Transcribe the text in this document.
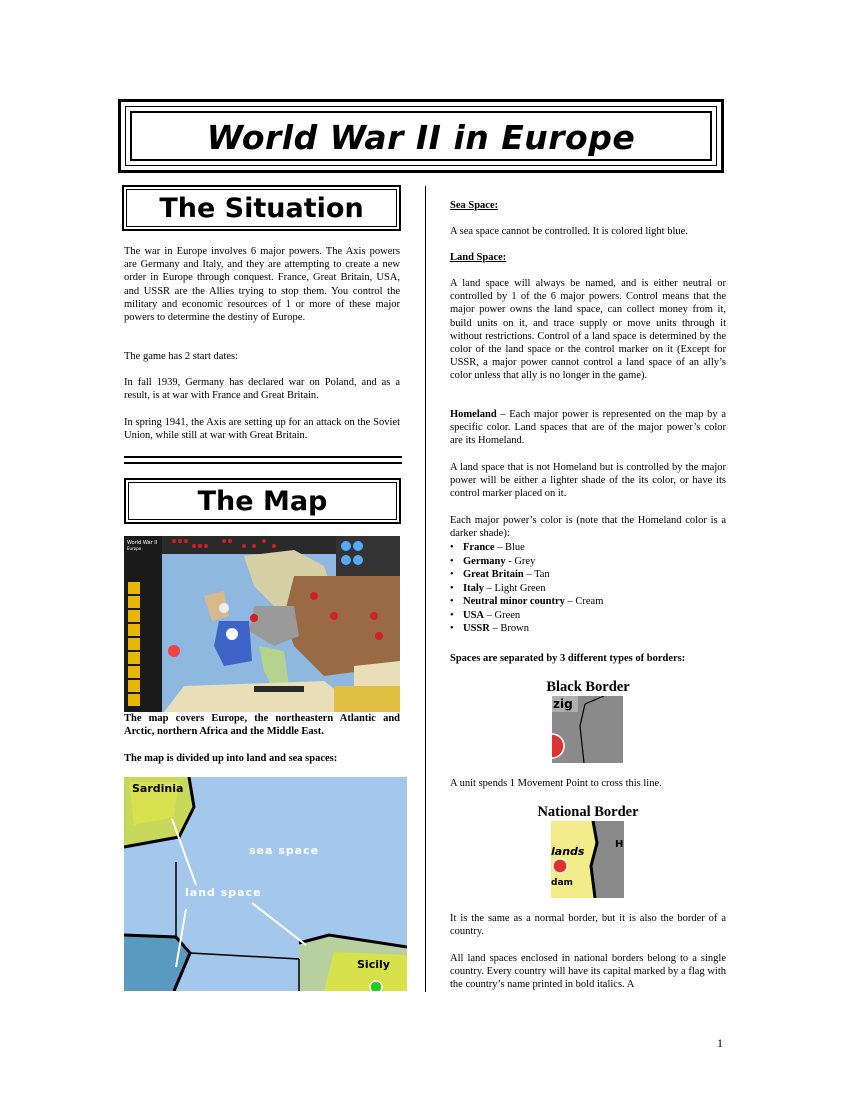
World War II in Europe
The Situation

The war in Europe involves 6 major powers. The Axis powers are Germany and Italy, and they are attempting to create a new order in Europe through conquest. France, Great Britain, USA, and USSR are the Allies trying to stop them. You control the military and economic resources of 1 or more of these major powers to determine the destiny of Europe.

The game has 2 start dates:

In fall 1939, Germany has declared war on Poland, and as a result, is at war with France and Great Britain.

In spring 1941, the Axis are setting up for an attack on the Soviet Union, while still at war with Great Britain.

The Map
World War II
Europe

The map covers Europe, the northeastern Atlantic and Arctic, northern Africa and the Middle East.

The map is divided up into land and sea spaces:

Sardinia
sea space
land space
Sicily

Sea Space:

A sea space cannot be controlled. It is colored light blue.

Land Space:

A land space will always be named, and is either neutral or controlled by 1 of the 6 major powers. Control means that the major power owns the land space, can collect money from it, build units on it, and trace supply or move units through it without restrictions. Control of a land space is determined by the color of the land space or the control marker on it (Except for USSR, a major power cannot control a land space of an ally’s color unless that ally is no longer in the game).

Homeland – Each major power is represented on the map by a specific color. Land spaces that are of the major power’s color are its Homeland.

A land space that is not Homeland but is controlled by the major power will be either a lighter shade of the its color, or have its control marker placed on it.

Each major power’s color is (note that the Homeland color is a darker shade):

• France – Blue
• Germany - Grey
• Great Britain – Tan
• Italy – Light Green
• Neutral minor country – Cream
• USA – Green
• USSR – Brown

Spaces are separated by 3 different types of borders:

Black Border
zig

A unit spends 1 Movement Point to cross this line.

National Border
lands
dam
H

It is the same as a normal border, but it is also the border of a country.

All land spaces enclosed in national borders belong to a single country. Every country will have its capital marked by a flag with the country’s name printed in bold italics. A

1
